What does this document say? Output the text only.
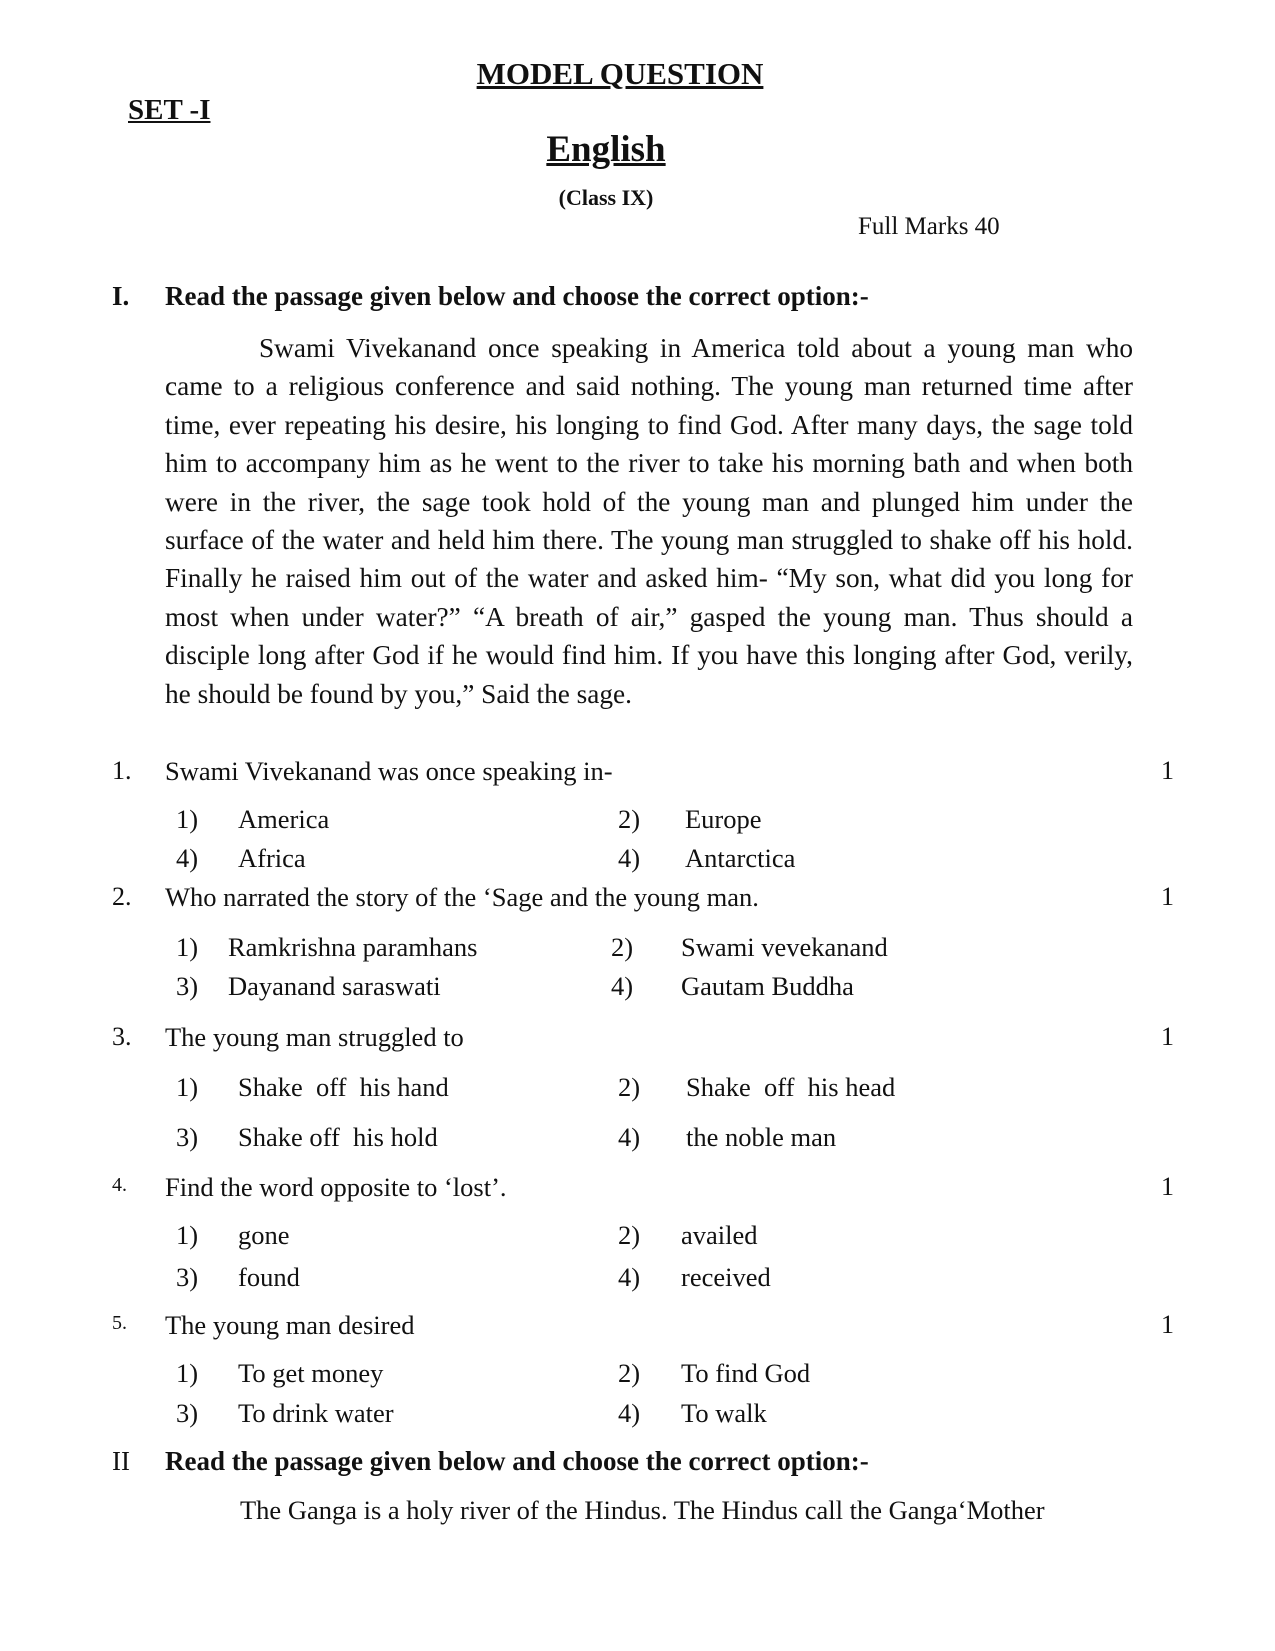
MODEL QUESTION
SET -I
English
(Class IX)
Full Marks 40
I. Read the passage given below and choose the correct option:-
Swami Vivekanand once speaking in America told about a young man who came to a religious conference and said nothing. The young man returned time after time, ever repeating his desire, his longing to find God. After many days, the sage told him to accompany him as he went to the river to take his morning bath and when both were in the river, the sage took hold of the young man and plunged him under the surface of the water and held him there. The young man struggled to shake off his hold. Finally he raised him out of the water and asked him- “My son, what did you long for most when under water?” “A breath of air,” gasped the young man. Thus should a disciple long after God if he would find him. If you have this longing after God, verily, he should be found by you,” Said the sage.
1. Swami Vivekanand was once speaking in-	1
1) America	2) Europe
4) Africa	4) Antarctica
2. Who narrated the story of the ‘Sage and the young man.	1
1) Ramkrishna paramhans	2) Swami vevekanand
3) Dayanand saraswati	4) Gautam Buddha
3. The young man struggled to	1
1) Shake  off  his hand	2) Shake  off  his head
3) Shake off  his hold	4) the noble man
4. Find the word opposite to ‘lost’.	1
1) gone	2) availed
3) found	4) received
5. The young man desired	1
1) To get money	2) To find God
3) To drink water	4) To walk
II Read the passage given below and choose the correct option:-
The Ganga is a holy river of the Hindus. The Hindus call the Ganga‘Mother
